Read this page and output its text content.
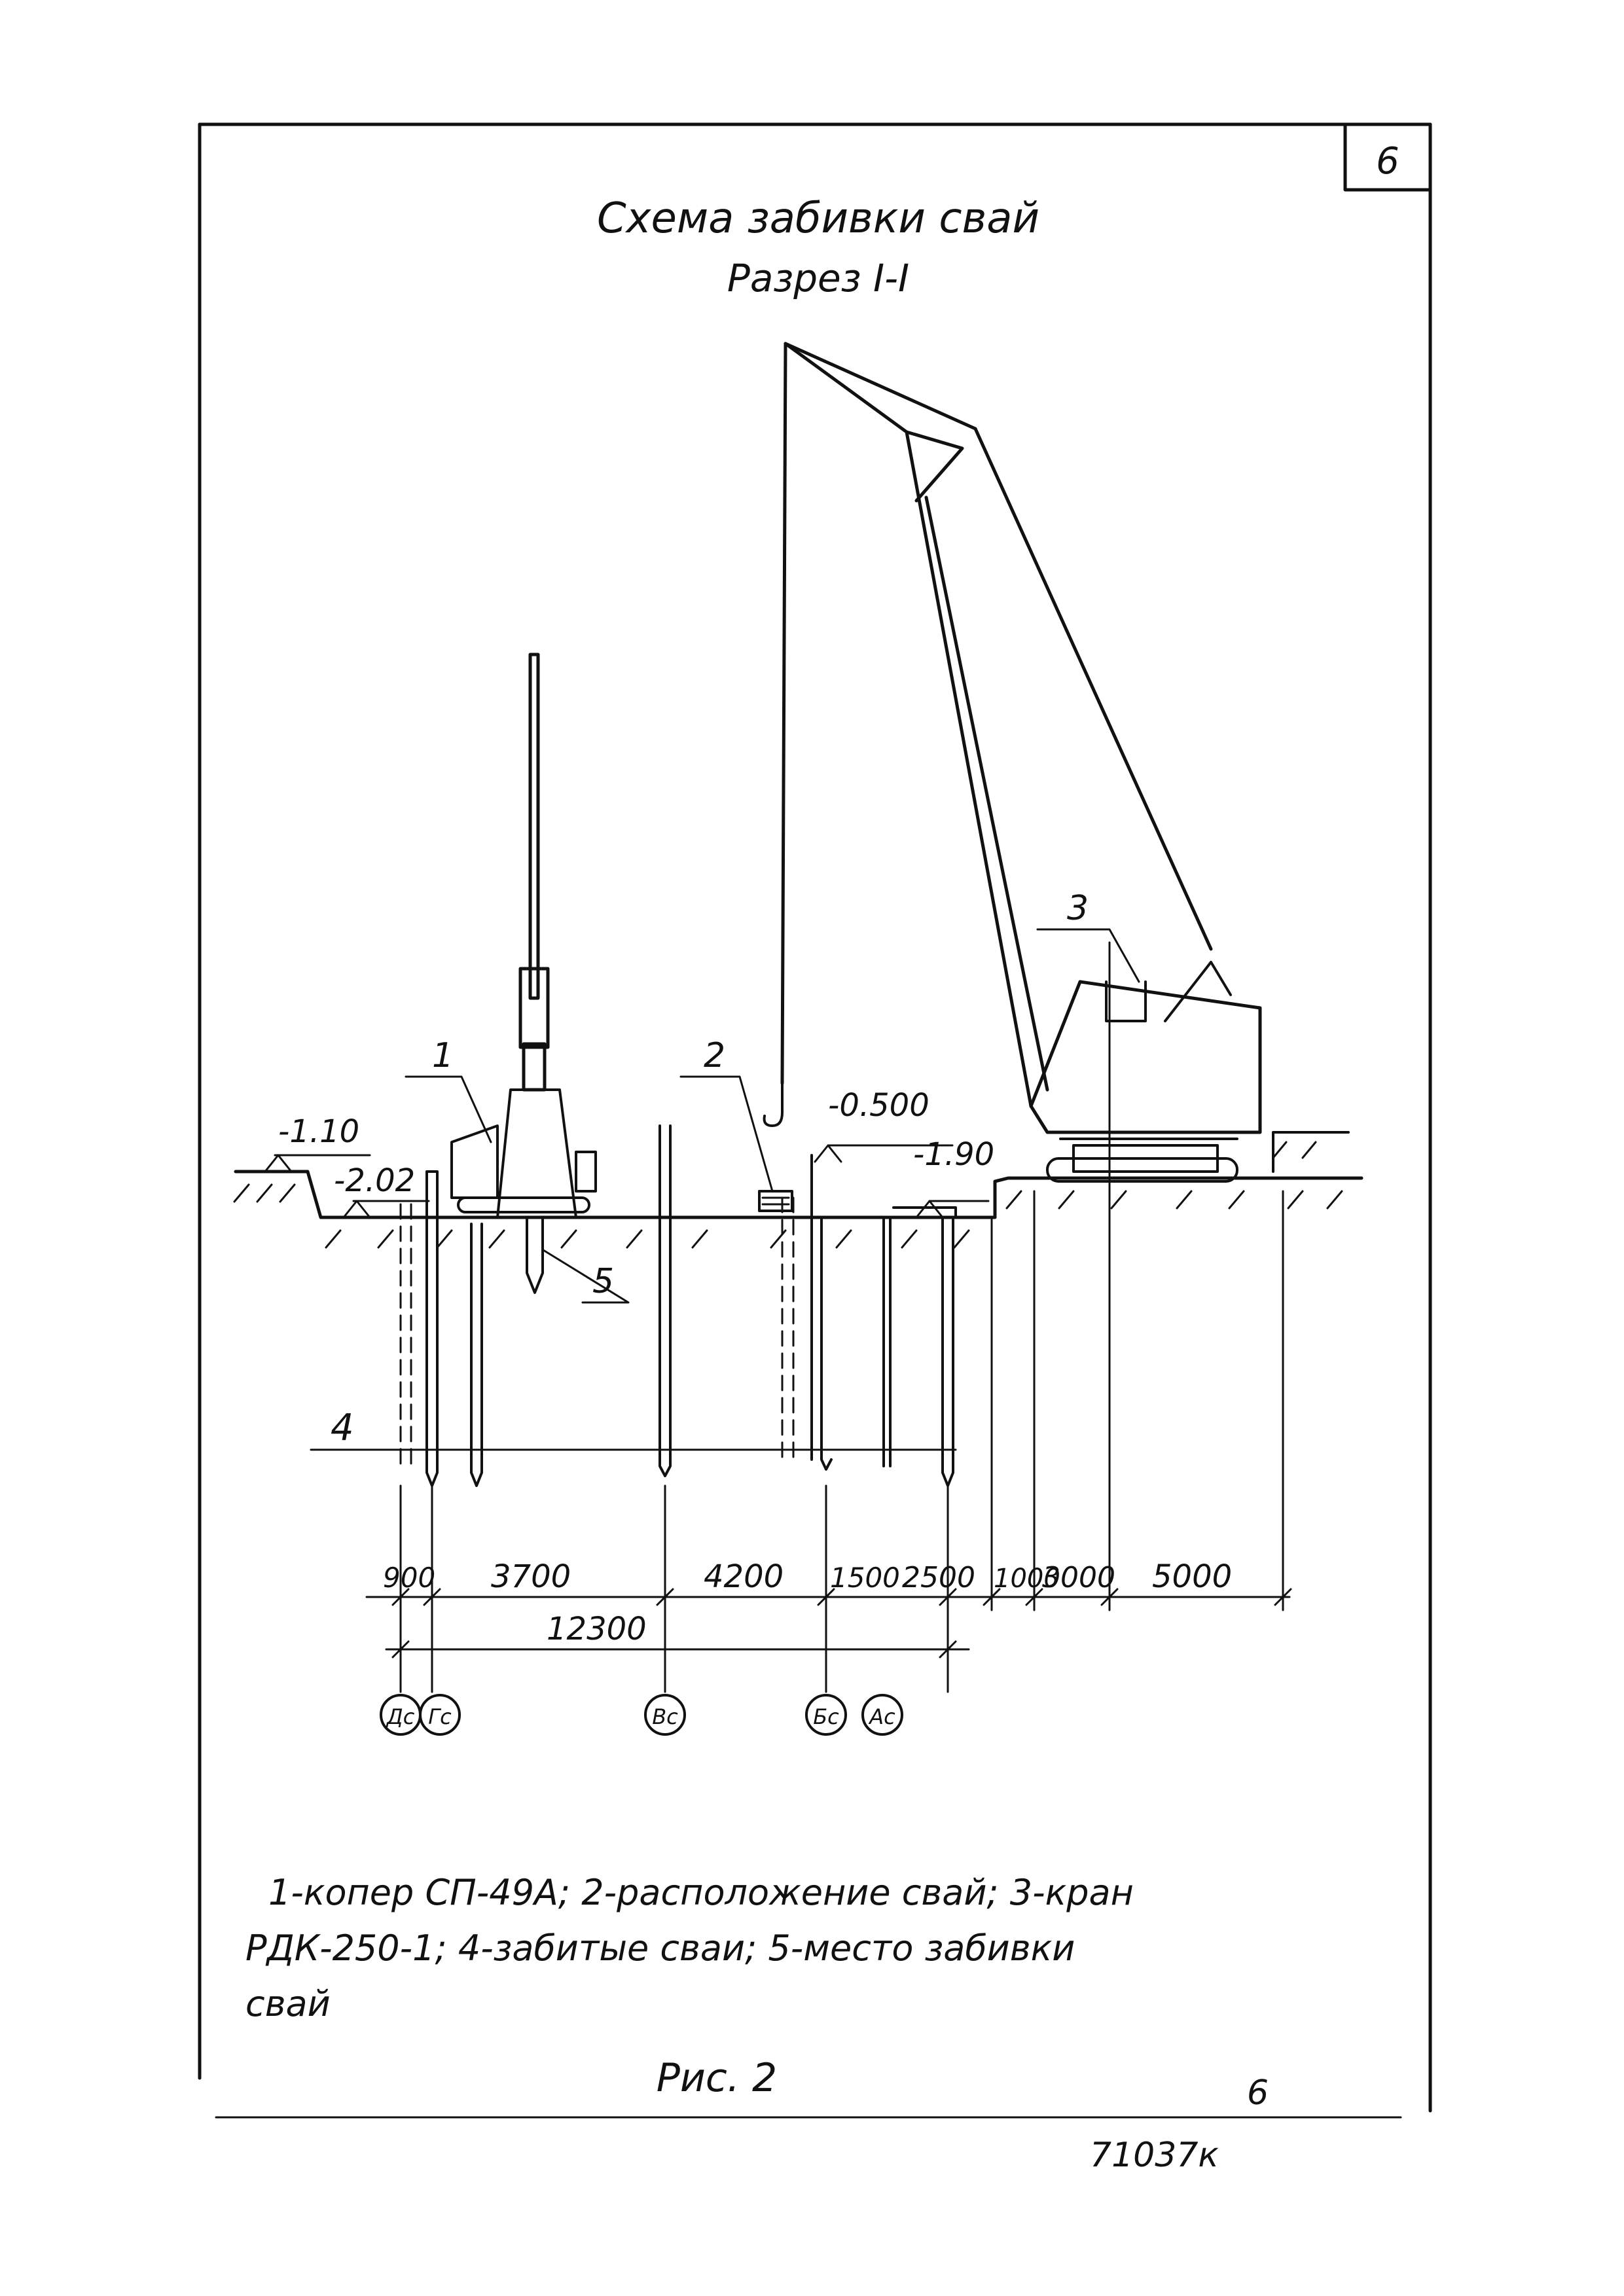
6
Схема забивки свай
Разрез I-I
1	2
3
4
5
-1.10
-2.02
-0.500
-1.90
900 3700	4200 1500 2500 1000
3000 5000
12300
Дс Гс	Вс	Бс Ас
1-копер СП-49А; 2-расположение свай; 3-кран
РДК-250-1; 4-забитые сваи; 5-место забивки
свай
Рис. 2	6
71037к
